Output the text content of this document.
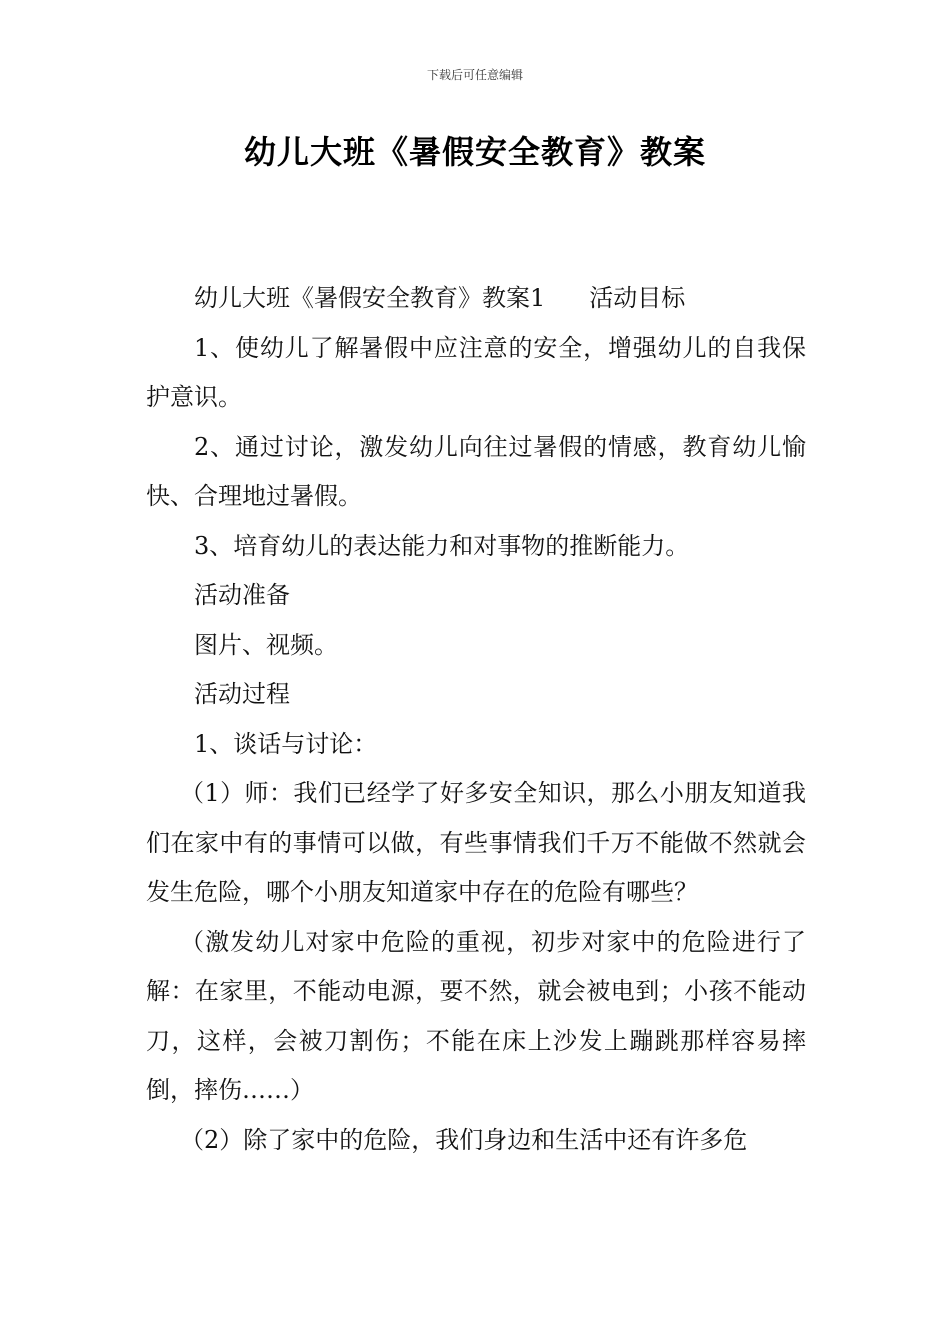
下载后可任意编辑
幼儿大班《暑假安全教育》教案

幼儿大班《暑假安全教育》教案1 活动目标

1、使幼儿了解暑假中应注意的安全，增强幼儿的自我保护意识。

2、通过讨论，激发幼儿向往过暑假的情感，教育幼儿愉快、合理地过暑假。

3、培育幼儿的表达能力和对事物的推断能力。

活动准备

图片、视频。

活动过程

1、谈话与讨论：

（1）师：我们已经学了好多安全知识，那么小朋友知道我们在家中有的事情可以做，有些事情我们千万不能做不然就会发生危险，哪个小朋友知道家中存在的危险有哪些？

（激发幼儿对家中危险的重视，初步对家中的危险进行了解：在家里，不能动电源，要不然，就会被电到；小孩不能动刀，这样，会被刀割伤；不能在床上沙发上蹦跳那样容易摔倒，摔伤……）

（2）除了家中的危险，我们身边和生活中还有许多危
